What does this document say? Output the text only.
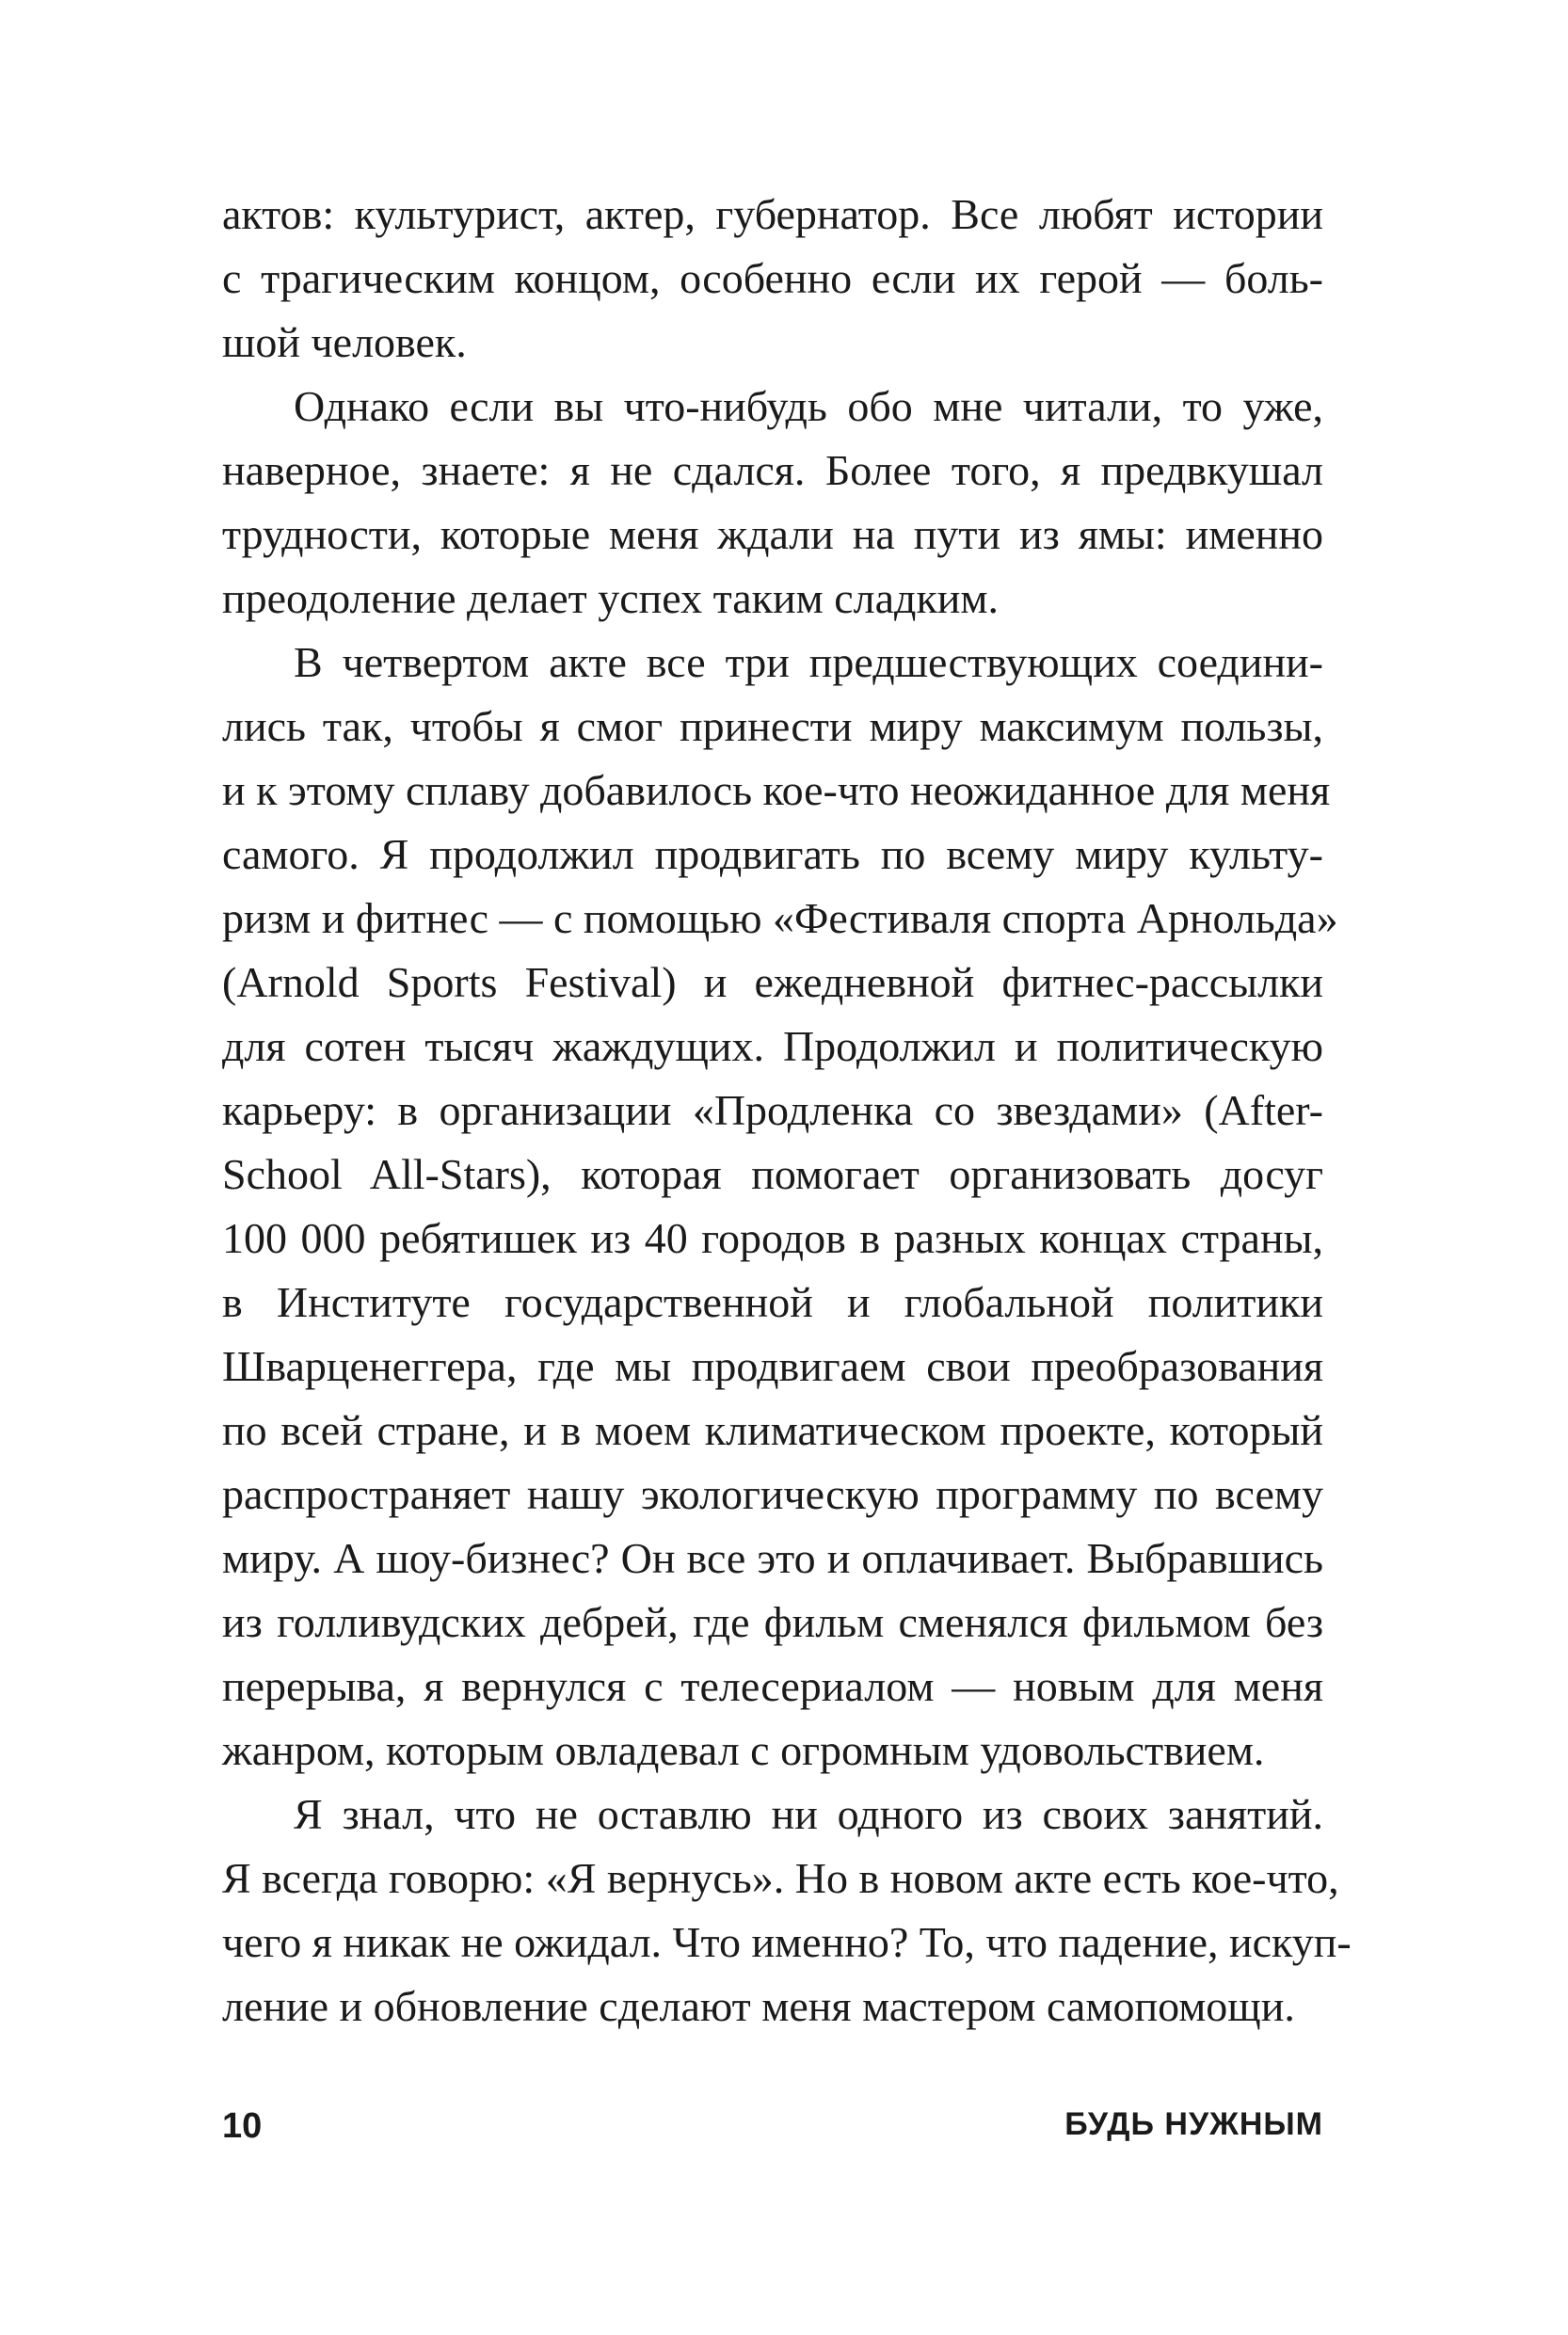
актов: культурист, актер, губернатор. Все любят истории
с трагическим концом, особенно если их герой — боль-
шой человек.

Однако если вы что-нибудь обо мне читали, то уже,
наверное, знаете: я не сдался. Более того, я предвкушал
трудности, которые меня ждали на пути из ямы: именно
преодоление делает успех таким сладким.

В четвертом акте все три предшествующих соедини-
лись так, чтобы я смог принести миру максимум пользы,
и к этому сплаву добавилось кое-что неожиданное для меня
самого. Я продолжил продвигать по всему миру культу-
ризм и фитнес — с помощью «Фестиваля спорта Арнольда»
(Arnold Sports Festival) и ежедневной фитнес-рассылки
для сотен тысяч жаждущих. Продолжил и политическую
карьеру: в организации «Продленка со звездами» (After-
School All-Stars), которая помогает организовать досуг
100 000 ребятишек из 40 городов в разных концах страны,
в Институте государственной и глобальной политики
Шварценеггера, где мы продвигаем свои преобразования
по всей стране, и в моем климатическом проекте, который
распространяет нашу экологическую программу по всему
миру. А шоу-бизнес? Он все это и оплачивает. Выбравшись
из голливудских дебрей, где фильм сменялся фильмом без
перерыва, я вернулся с телесериалом — новым для меня
жанром, которым овладевал с огромным удовольствием.

Я знал, что не оставлю ни одного из своих занятий.
Я всегда говорю: «Я вернусь». Но в новом акте есть кое-что,
чего я никак не ожидал. Что именно? То, что падение, искуп-
ление и обновление сделают меня мастером самопомощи.

10	БУДЬ НУЖНЫМ
